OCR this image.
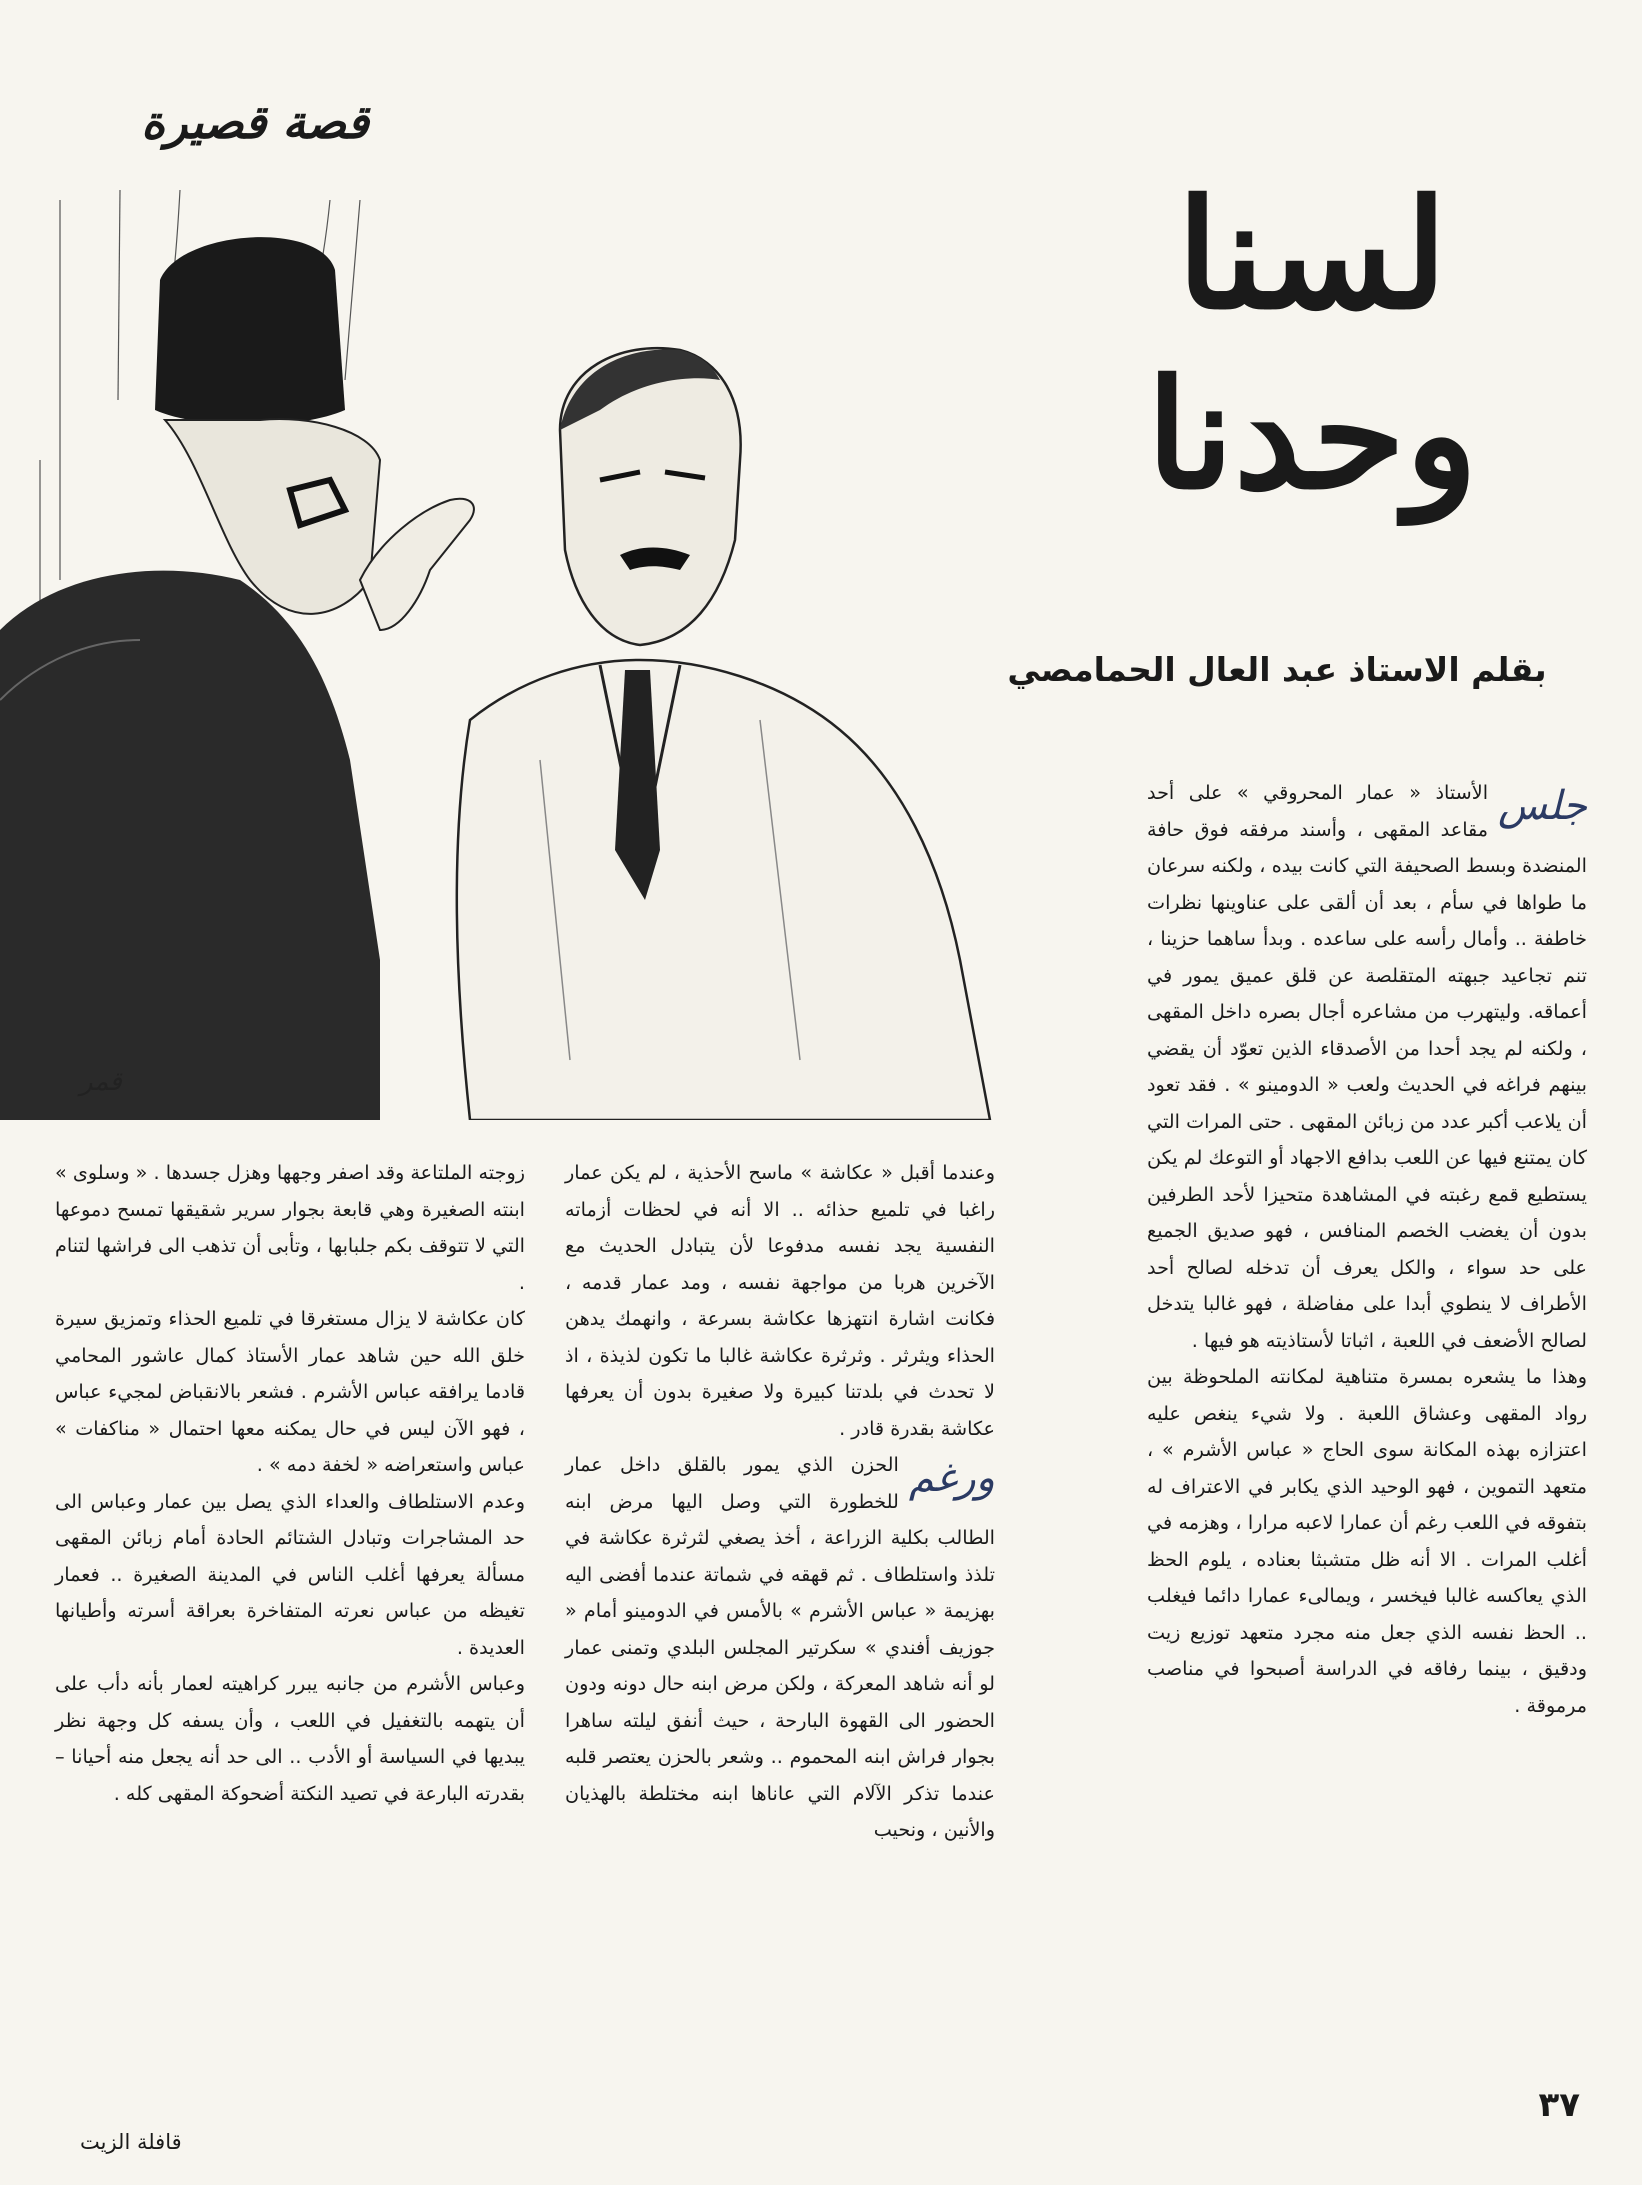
قصة قصيرة
قمر
لسنا
وحدنا
بقلم الاستاذ عبد العال الحمامصي
جلس

الأستاذ « عمار المحروقي » على أحد مقاعد المقهى ، وأسند مرفقه فوق حافة المنضدة وبسط الصحيفة التي كانت بيده ، ولكنه سرعان ما طواها في سأم ، بعد أن ألقى على عناوينها نظرات خاطفة .. وأمال رأسه على ساعده . وبدأ ساهما حزينا ، تنم تجاعيد جبهته المتقلصة عن قلق عميق يمور في أعماقه. وليتهرب من مشاعره أجال بصره داخل المقهى ، ولكنه لم يجد أحدا من الأصدقاء الذين تعوّد أن يقضي بينهم فراغه في الحديث ولعب « الدومينو » . فقد تعود أن يلاعب أكبر عدد من زبائن المقهى . حتى المرات التي كان يمتنع فيها عن اللعب بدافع الاجهاد أو التوعك لم يكن يستطيع قمع رغبته في المشاهدة متحيزا لأحد الطرفين بدون أن يغضب الخصم المنافس ، فهو صديق الجميع على حد سواء ، والكل يعرف أن تدخله لصالح أحد الأطراف لا ينطوي أبدا على مفاضلة ، فهو غالبا يتدخل لصالح الأضعف في اللعبة ، اثباتا لأستاذيته هو فيها .

وهذا ما يشعره بمسرة متناهية لمكانته الملحوظة بين رواد المقهى وعشاق اللعبة . ولا شيء ينغص عليه اعتزازه بهذه المكانة سوى الحاج « عباس الأشرم » ، متعهد التموين ، فهو الوحيد الذي يكابر في الاعتراف له بتفوقه في اللعب رغم أن عمارا لاعبه مرارا ، وهزمه في أغلب المرات . الا أنه ظل متشبثا بعناده ، يلوم الحظ الذي يعاكسه غالبا فيخسر ، ويمالىء عمارا دائما فيغلب .. الحظ نفسه الذي جعل منه مجرد متعهد توزيع زيت ودقيق ، بينما رفاقه في الدراسة أصبحوا في مناصب مرموقة .

وعندما أقبل « عكاشة » ماسح الأحذية ، لم يكن عمار راغبا في تلميع حذائه .. الا أنه في لحظات أزماته النفسية يجد نفسه مدفوعا لأن يتبادل الحديث مع الآخرين هربا من مواجهة نفسه ، ومد عمار قدمه ، فكانت اشارة انتهزها عكاشة بسرعة ، وانهمك يدهن الحذاء ويثرثر . وثرثرة عكاشة غالبا ما تكون لذيذة ، اذ لا تحدث في بلدتنا كبيرة ولا صغيرة بدون أن يعرفها عكاشة بقدرة قادر .

ورغم

الحزن الذي يمور بالقلق داخل عمار للخطورة التي وصل اليها مرض ابنه الطالب بكلية الزراعة ، أخذ يصغي لثرثرة عكاشة في تلذذ واستلطاف . ثم قهقه في شماتة عندما أفضى اليه بهزيمة « عباس الأشرم » بالأمس في الدومينو أمام « جوزيف أفندي » سكرتير المجلس البلدي وتمنى عمار لو أنه شاهد المعركة ، ولكن مرض ابنه حال دونه ودون الحضور الى القهوة البارحة ، حيث أنفق ليلته ساهرا بجوار فراش ابنه المحموم .. وشعر بالحزن يعتصر قلبه عندما تذكر الآلام التي عاناها ابنه مختلطة بالهذيان والأنين ، ونحيب

زوجته الملتاعة وقد اصفر وجهها وهزل جسدها . « وسلوى » ابنته الصغيرة وهي قابعة بجوار سرير شقيقها تمسح دموعها التي لا تتوقف بكم جلبابها ، وتأبى أن تذهب الى فراشها لتنام .

كان عكاشة لا يزال مستغرقا في تلميع الحذاء وتمزيق سيرة خلق الله حين شاهد عمار الأستاذ كمال عاشور المحامي قادما يرافقه عباس الأشرم . فشعر بالانقباض لمجيء عباس ، فهو الآن ليس في حال يمكنه معها احتمال « مناكفات » عباس واستعراضه « لخفة دمه » .

وعدم الاستلطاف والعداء الذي يصل بين عمار وعباس الى حد المشاجرات وتبادل الشتائم الحادة أمام زبائن المقهى مسألة يعرفها أغلب الناس في المدينة الصغيرة .. فعمار تغيظه من عباس نعرته المتفاخرة بعراقة أسرته وأطيانها العديدة .

وعباس الأشرم من جانبه يبرر كراهيته لعمار بأنه دأب على أن يتهمه بالتغفيل في اللعب ، وأن يسفه كل وجهة نظر يبديها في السياسة أو الأدب .. الى حد أنه يجعل منه أحيانا – بقدرته البارعة في تصيد النكتة أضحوكة المقهى كله .

٣٧
قافلة الزيت
